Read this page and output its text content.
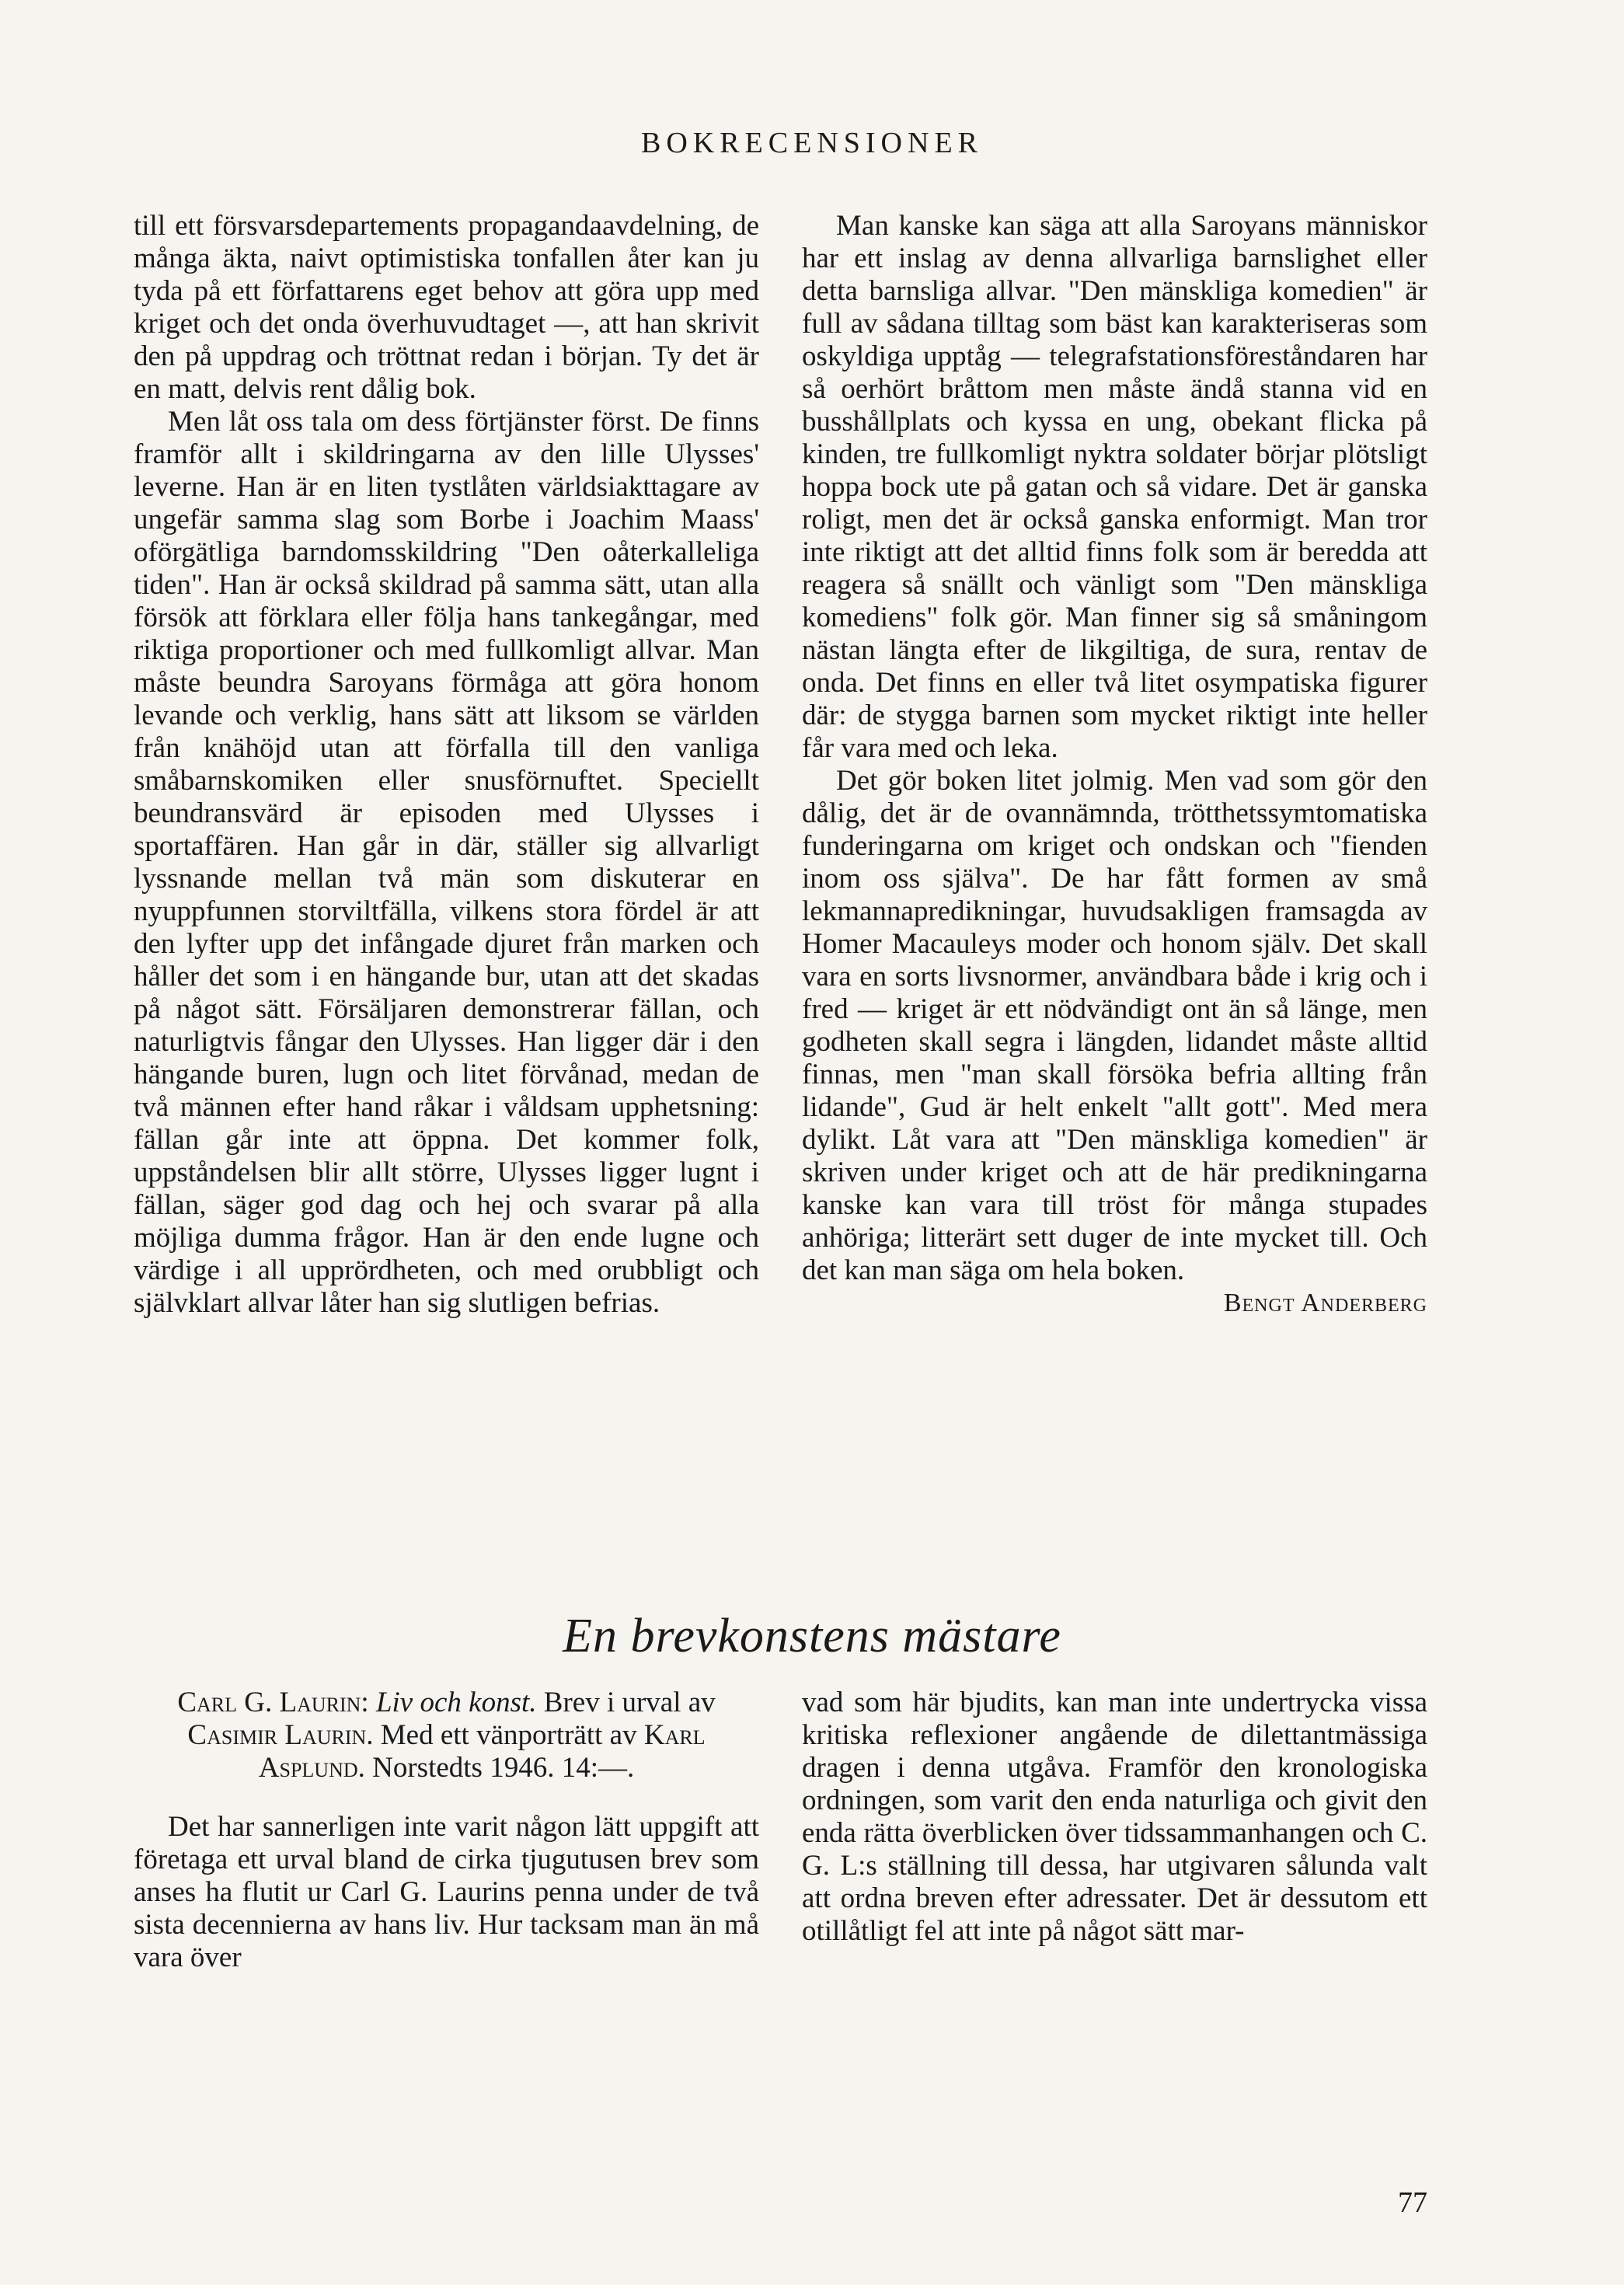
BOKRECENSIONER

till ett försvarsdepartements propagandaavdelning, de många äkta, naivt optimistiska tonfallen åter kan ju tyda på ett författarens eget behov att göra upp med kriget och det onda överhuvudtaget —, att han skrivit den på uppdrag och tröttnat redan i början. Ty det är en matt, delvis rent dålig bok.

Men låt oss tala om dess förtjänster först. De finns framför allt i skildringarna av den lille Ulysses' leverne. Han är en liten tystlåten världsiakttagare av ungefär samma slag som Borbe i Joachim Maass' oförgätliga barndomsskildring "Den oåterkalleliga tiden". Han är också skildrad på samma sätt, utan alla försök att förklara eller följa hans tankegångar, med riktiga proportioner och med fullkomligt allvar. Man måste beundra Saroyans förmåga att göra honom levande och verklig, hans sätt att liksom se världen från knähöjd utan att förfalla till den vanliga småbarnskomiken eller snusförnuftet. Speciellt beundransvärd är episoden med Ulysses i sportaffären. Han går in där, ställer sig allvarligt lyssnande mellan två män som diskuterar en nyuppfunnen storviltfälla, vilkens stora fördel är att den lyfter upp det infångade djuret från marken och håller det som i en hängande bur, utan att det skadas på något sätt. Försäljaren demonstrerar fällan, och naturligtvis fångar den Ulysses. Han ligger där i den hängande buren, lugn och litet förvånad, medan de två männen efter hand råkar i våldsam upphetsning: fällan går inte att öppna. Det kommer folk, uppståndelsen blir allt större, Ulysses ligger lugnt i fällan, säger god dag och hej och svarar på alla möjliga dumma frågor. Han är den ende lugne och värdige i all upprördheten, och med orubbligt och självklart allvar låter han sig slutligen befrias.

Man kanske kan säga att alla Saroyans människor har ett inslag av denna allvarliga barnslighet eller detta barnsliga allvar. "Den mänskliga komedien" är full av sådana tilltag som bäst kan karakteriseras som oskyldiga upptåg — telegrafstationsföreståndaren har så oerhört bråttom men måste ändå stanna vid en busshållplats och kyssa en ung, obekant flicka på kinden, tre fullkomligt nyktra soldater börjar plötsligt hoppa bock ute på gatan och så vidare. Det är ganska roligt, men det är också ganska enformigt. Man tror inte riktigt att det alltid finns folk som är beredda att reagera så snällt och vänligt som "Den mänskliga komediens" folk gör. Man finner sig så småningom nästan längta efter de likgiltiga, de sura, rentav de onda. Det finns en eller två litet osympatiska figurer där: de stygga barnen som mycket riktigt inte heller får vara med och leka.

Det gör boken litet jolmig. Men vad som gör den dålig, det är de ovannämnda, trötthetssymtomatiska funderingarna om kriget och ondskan och "fienden inom oss själva". De har fått formen av små lekmannapredikningar, huvudsakligen framsagda av Homer Macauleys moder och honom själv. Det skall vara en sorts livsnormer, användbara både i krig och i fred — kriget är ett nödvändigt ont än så länge, men godheten skall segra i längden, lidandet måste alltid finnas, men "man skall försöka befria allting från lidande", Gud är helt enkelt "allt gott". Med mera dylikt. Låt vara att "Den mänskliga komedien" är skriven under kriget och att de här predikningarna kanske kan vara till tröst för många stupades anhöriga; litterärt sett duger de inte mycket till. Och det kan man säga om hela boken.

Bengt Anderberg
En brevkonstens mästare
Carl G. Laurin: Liv och konst. Brev i urval av Casimir Laurin. Med ett vänporträtt av Karl Asplund. Norstedts 1946. 14:—.

Det har sannerligen inte varit någon lätt uppgift att företaga ett urval bland de cirka tjugutusen brev som anses ha flutit ur Carl G. Laurins penna under de två sista decennierna av hans liv. Hur tacksam man än må vara över

vad som här bjudits, kan man inte undertrycka vissa kritiska reflexioner angående de dilettantmässiga dragen i denna utgåva. Framför den kronologiska ordningen, som varit den enda naturliga och givit den enda rätta överblicken över tidssammanhangen och C. G. L:s ställning till dessa, har utgivaren sålunda valt att ordna breven efter adressater. Det är dessutom ett otillåtligt fel att inte på något sätt mar-

77
